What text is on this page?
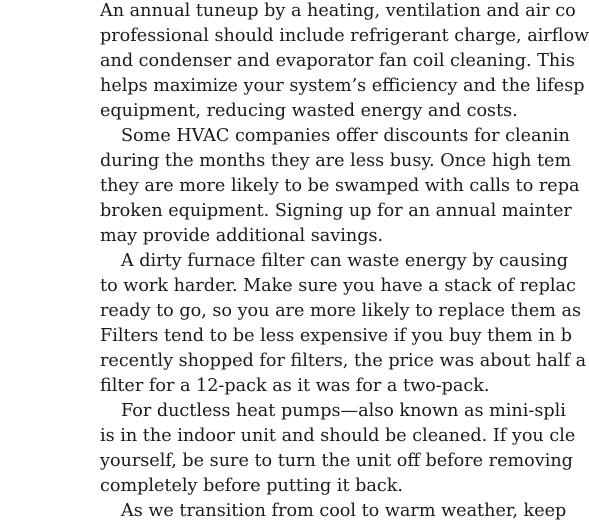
An annual tuneup by a heating, ventilation and air co
professional should include refrigerant charge, airflow
and condenser and evaporator fan coil cleaning. This
helps maximize your system’s efficiency and the lifesp
equipment, reducing wasted energy and costs.
Some HVAC companies offer discounts for cleanin
during the months they are less busy. Once high tem
they are more likely to be swamped with calls to repa
broken equipment. Signing up for an annual mainter
may provide additional savings.
A dirty furnace filter can waste energy by causing
to work harder. Make sure you have a stack of replac
ready to go, so you are more likely to replace them as
Filters tend to be less expensive if you buy them in b
recently shopped for filters, the price was about half a
filter for a 12-pack as it was for a two-pack.
For ductless heat pumps—also known as mini-spli
is in the indoor unit and should be cleaned. If you cle
yourself, be sure to turn the unit off before removing
completely before putting it back.
As we transition from cool to warm weather, keep
